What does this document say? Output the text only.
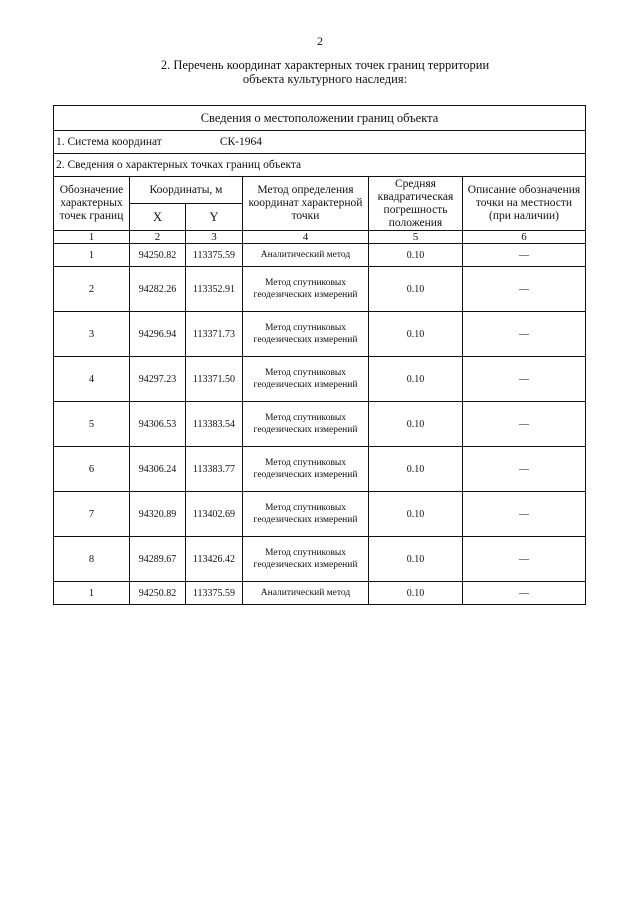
2
2. Перечень координат характерных точек границ территории
объекта культурного наследия:
Сведения о местоположении границ объекта					
1. Система координат СК-1964					
2. Сведения о характерных точках границ объекта					
Обозначение характерных точек границ	Координаты, м		Метод определения координат характерной точки	Средняя квадратическая погрешность положения	Описание обозначения точки на местности (при наличии)
	X	Y			
1	2	3	4	5	6
1	94250.82	113375.59	Аналитический метод	0.10	—
2	94282.26	113352.91	Метод спутниковых геодезических измерений	0.10	—
3	94296.94	113371.73	Метод спутниковых геодезических измерений	0.10	—
4	94297.23	113371.50	Метод спутниковых геодезических измерений	0.10	—
5	94306.53	113383.54	Метод спутниковых геодезических измерений	0.10	—
6	94306.24	113383.77	Метод спутниковых геодезических измерений	0.10	—
7	94320.89	113402.69	Метод спутниковых геодезических измерений	0.10	—
8	94289.67	113426.42	Метод спутниковых геодезических измерений	0.10	—
1	94250.82	113375.59	Аналитический метод	0.10	—
